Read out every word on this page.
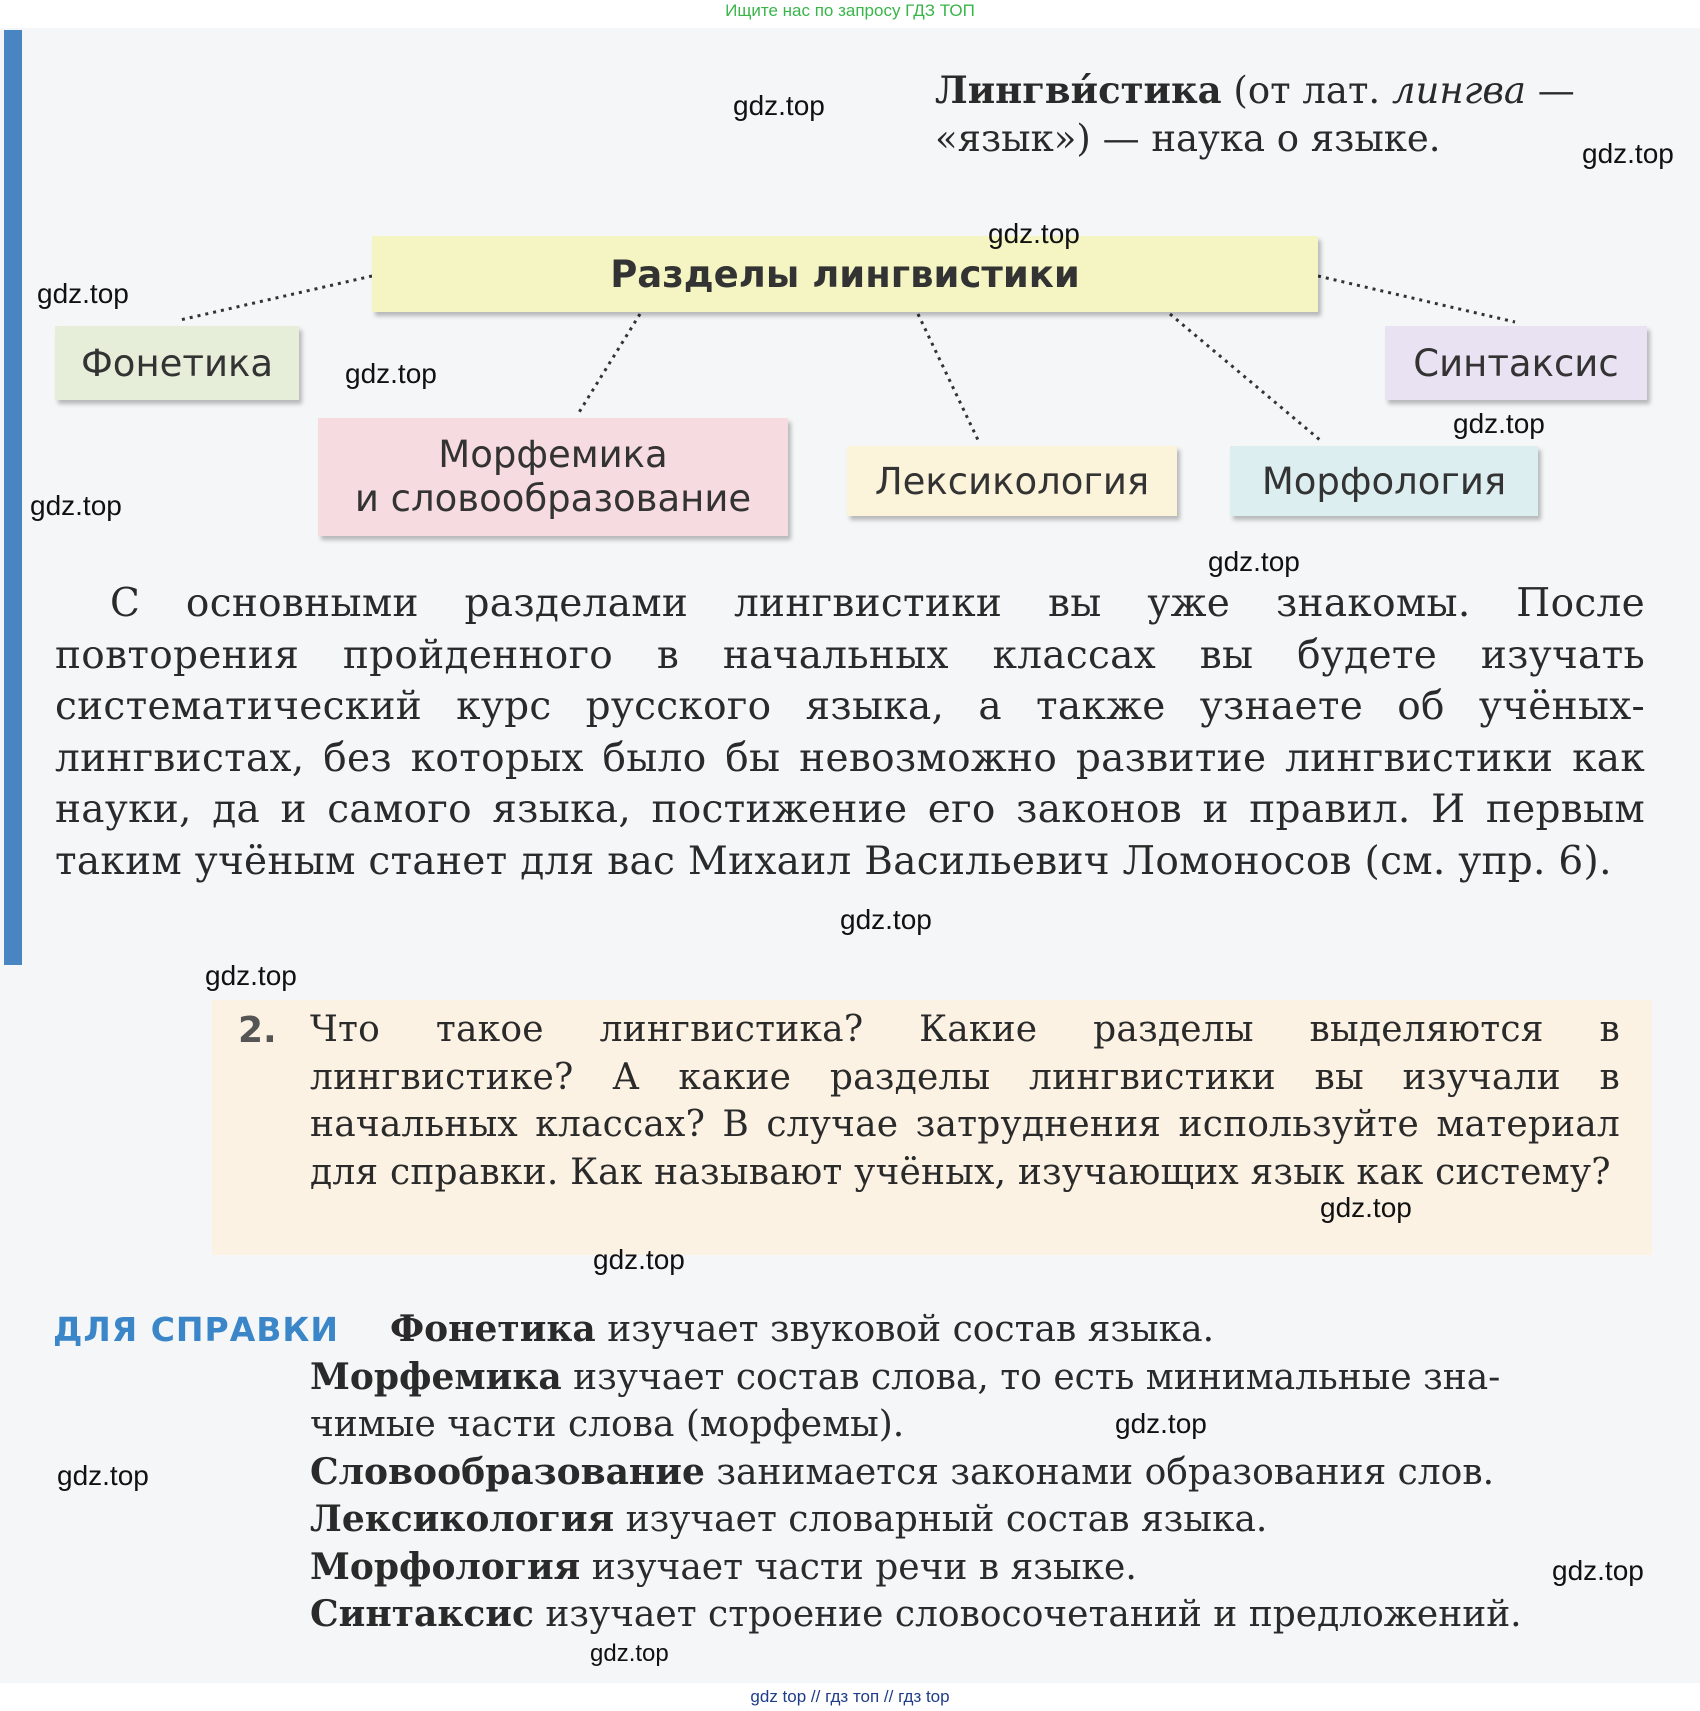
Ищите нас по запросу ГДЗ ТОП
Лингви́стика (от лат. лингва — «язык») — наука о языке.
Разделы лингвистики
Фонетика	Синтаксис
Морфемика
и словообразование	Лексикология	Морфология
С основными разделами лингвистики вы уже знакомы. После повторения пройденного в начальных классах вы будете изучать систематический курс русского языка, а также узнаете об учёных-лингвистах, без которых было бы невозможно развитие лингвистики как науки, да и самого языка, постижение его законов и правил. И первым таким учёным станет для вас Михаил Васильевич Ломоносов (см. упр. 6).
2. Что такое лингвистика? Какие разделы выделяются в лингвистике? А какие разделы лингвистики вы изучали в начальных классах? В случае затруднения используйте материал для справки. Как называют учёных, изучающих язык как систему?
ДЛЯ СПРАВКИ Фонетика изучает звуковой состав языка.
Морфемика изучает состав слова, то есть минимальные зна-
чимые части слова (морфемы).
Словообразование занимается законами образования слов.
Лексикология изучает словарный состав языка.
Морфология изучает части речи в языке.
Синтаксис изучает строение словосочетаний и предложений.
gdz.top
gdz.top
gdz.top
gdz.top
gdz.top
gdz.top
gdz.top
gdz.top
gdz.top
gdz.top
gdz.top
gdz.top
gdz.top
gdz.top
gdz.top
gdz.top
gdz top // гдз топ // гдз top
